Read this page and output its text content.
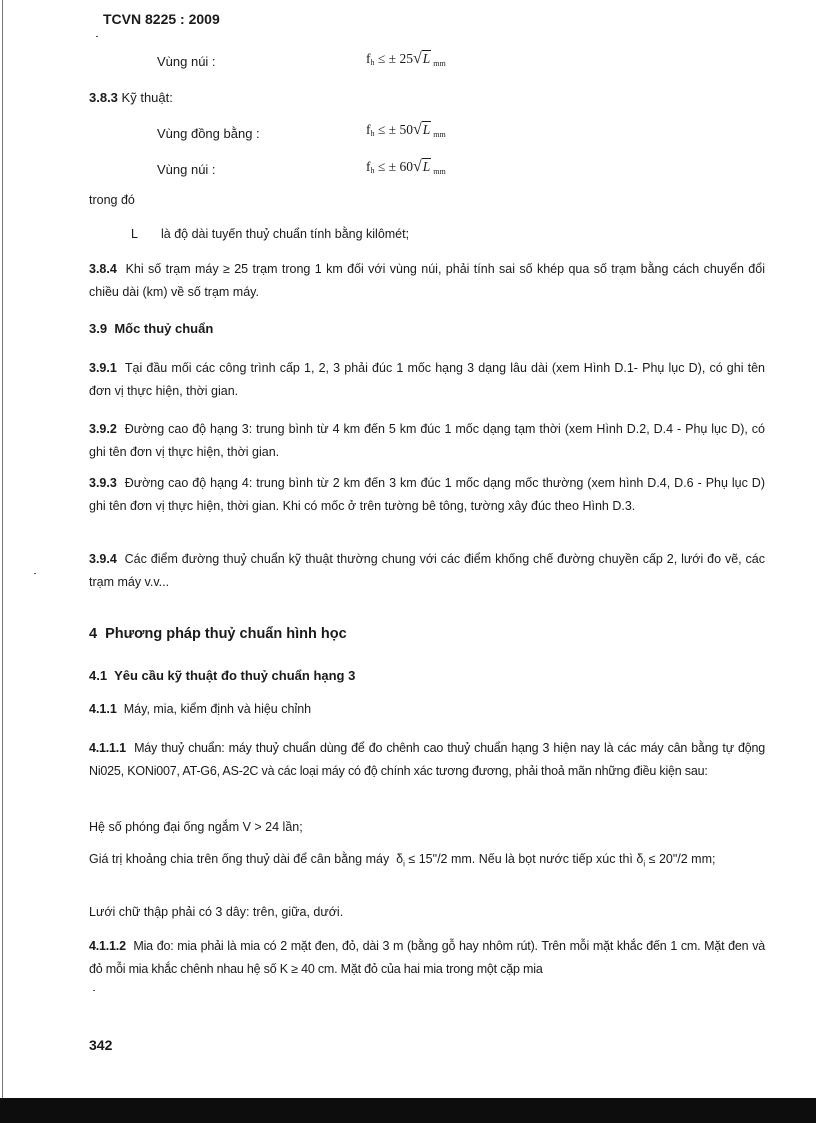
TCVN 8225 : 2009
Vùng núi :	$f_h$ ≤ ± 25√L $_{mm}$
3.8.3 Kỹ thuật:
Vùng đồng bằng :	$f_h$ ≤ ± 50√L $_{mm}$
Vùng núi :	$f_h$ ≤ ± 60√L $_{mm}$
trong đó
L là độ dài tuyến thuỷ chuẩn tính bằng kilômét;
3.8.4 Khi số trạm máy ≥ 25 trạm trong 1 km đối với vùng núi, phải tính sai số khép qua số trạm bằng cách chuyển đổi chiều dài (km) về số trạm máy.
3.9 Mốc thuỷ chuẩn
3.9.1 Tại đầu mối các công trình cấp 1, 2, 3 phải đúc 1 mốc hạng 3 dạng lâu dài (xem Hình D.1- Phụ lục D), có ghi tên đơn vị thực hiện, thời gian.
3.9.2 Đường cao độ hạng 3: trung bình từ 4 km đến 5 km đúc 1 mốc dạng tạm thời (xem Hình D.2, D.4 - Phụ lục D), có ghi tên đơn vị thực hiện, thời gian.
3.9.3 Đường cao độ hạng 4: trung bình từ 2 km đến 3 km đúc 1 mốc dạng mốc thường (xem hình D.4, D.6 - Phụ lục D) ghi tên đơn vị thực hiện, thời gian. Khi có mốc ở trên tường bê tông, tường xây đúc theo Hình D.3.
3.9.4 Các điểm đường thuỷ chuẩn kỹ thuật thường chung với các điểm khống chế đường chuyền cấp 2, lưới đo vẽ, các trạm máy v.v...
4 Phương pháp thuỷ chuẩn hình học
4.1 Yêu cầu kỹ thuật đo thuỷ chuẩn hạng 3
4.1.1 Máy, mia, kiểm định và hiệu chỉnh
4.1.1.1 Máy thuỷ chuẩn: máy thuỷ chuẩn dùng để đo chênh cao thuỷ chuẩn hạng 3 hiện nay là các máy cân bằng tự động Ni025, KONi007, AT-G6, AS-2C và các loại máy có độ chính xác tương đương, phải thoả mãn những điều kiện sau:
Hệ số phóng đại ống ngắm V > 24 lần;
Giá trị khoảng chia trên ống thuỷ dài để cân bằng máy $\delta_i$ ≤ 15"/2 mm. Nếu là bọt nước tiếp xúc thì $\delta_i$ ≤ 20"/2 mm;
Lưới chữ thập phải có 3 dây: trên, giữa, dưới.
4.1.1.2 Mia đo: mia phải là mia có 2 mặt đen, đỏ, dài 3 m (bằng gỗ hay nhôm rút). Trên mỗi mặt khắc đến 1 cm. Mặt đen và đỏ mỗi mia khắc chênh nhau hệ số K ≥ 40 cm. Mặt đỏ của hai mia trong một cặp mia
342
